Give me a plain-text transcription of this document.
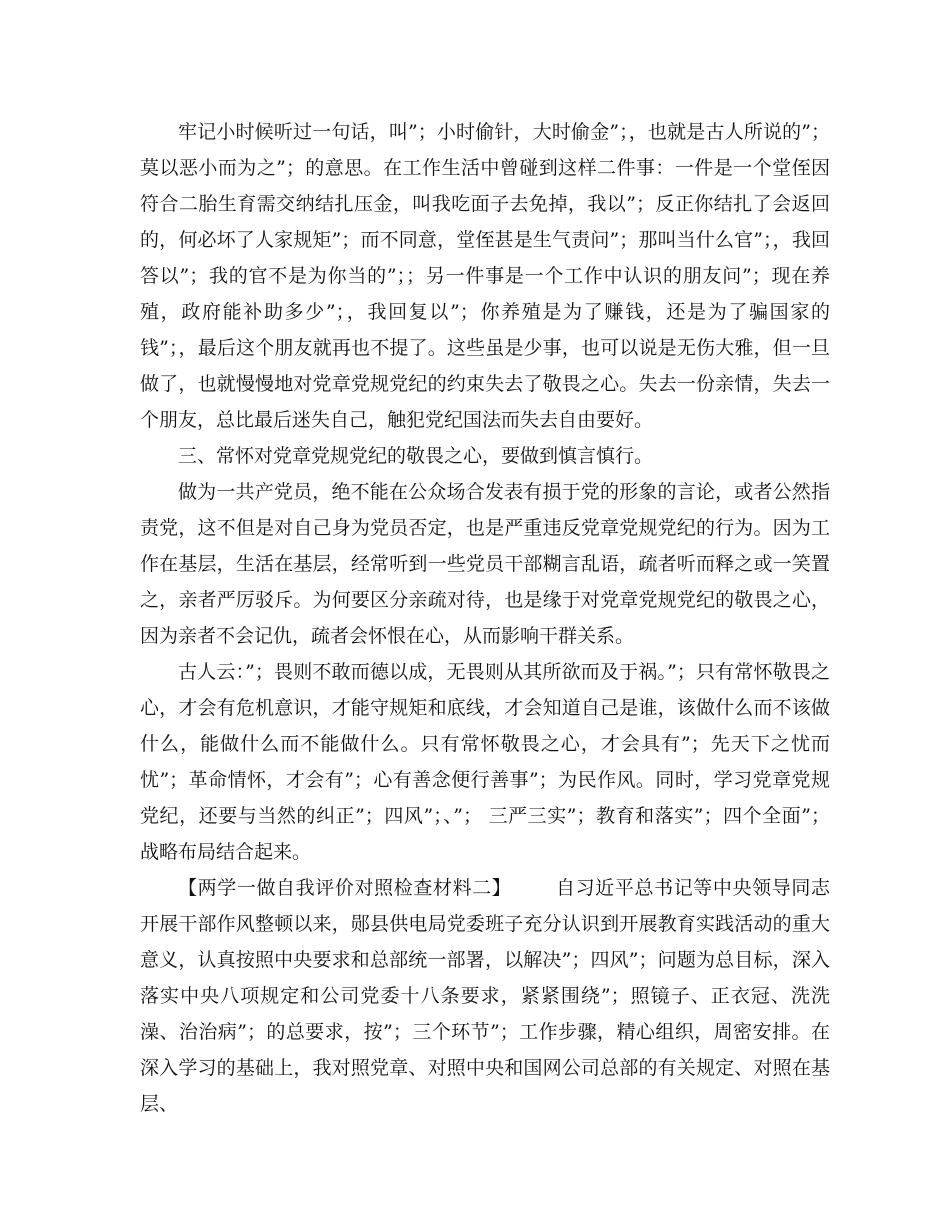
牢记小时候听过一句话，叫”；小时偷针，大时偷金”；，也就是古人所说的”；莫以恶小而为之”；的意思。在工作生活中曾碰到这样二件事：一件是一个堂侄因符合二胎生育需交纳结扎压金，叫我吃面子去免掉，我以”；反正你结扎了会返回的，何必坏了人家规矩”；而不同意，堂侄甚是生气责问”；那叫当什么官”；，我回答以”；我的官不是为你当的”；；另一件事是一个工作中认识的朋友问”；现在养殖，政府能补助多少”；，我回复以”；你养殖是为了赚钱，还是为了骗国家的钱”；，最后这个朋友就再也不提了。这些虽是少事，也可以说是无伤大雅，但一旦做了，也就慢慢地对党章党规党纪的约束失去了敬畏之心。失去一份亲情，失去一个朋友，总比最后迷失自己，触犯党纪国法而失去自由要好。

三、常怀对党章党规党纪的敬畏之心，要做到慎言慎行。

做为一共产党员，绝不能在公众场合发表有损于党的形象的言论，或者公然指责党，这不但是对自己身为党员否定，也是严重违反党章党规党纪的行为。因为工作在基层，生活在基层，经常听到一些党员干部糊言乱语，疏者听而释之或一笑置之，亲者严厉驳斥。为何要区分亲疏对待，也是缘于对党章党规党纪的敬畏之心，因为亲者不会记仇，疏者会怀恨在心，从而影响干群关系。

古人云：”；畏则不敢而德以成，无畏则从其所欲而及于祸。”；只有常怀敬畏之心，才会有危机意识，才能守规矩和底线，才会知道自己是谁，该做什么而不该做什么，能做什么而不能做什么。只有常怀敬畏之心，才会具有”；先天下之忧而忧”；革命情怀，才会有”；心有善念便行善事”；为民作风。同时，学习党章党规党纪，还要与当然的纠正”；四风”；、”； 三严三实”；教育和落实”；四个全面”；战略布局结合起来。

【两学一做自我评价对照检查材料二】 自习近平总书记等中央领导同志开展干部作风整顿以来，郧县供电局党委班子充分认识到开展教育实践活动的重大意义，认真按照中央要求和总部统一部署，以解决”；四风”；问题为总目标，深入落实中央八项规定和公司党委十八条要求，紧紧围绕”；照镜子、正衣冠、洗洗澡、治治病”；的总要求，按”；三个环节”；工作步骤，精心组织，周密安排。在深入学习的基础上，我对照党章、对照中央和国网公司总部的有关规定、对照在基层、
